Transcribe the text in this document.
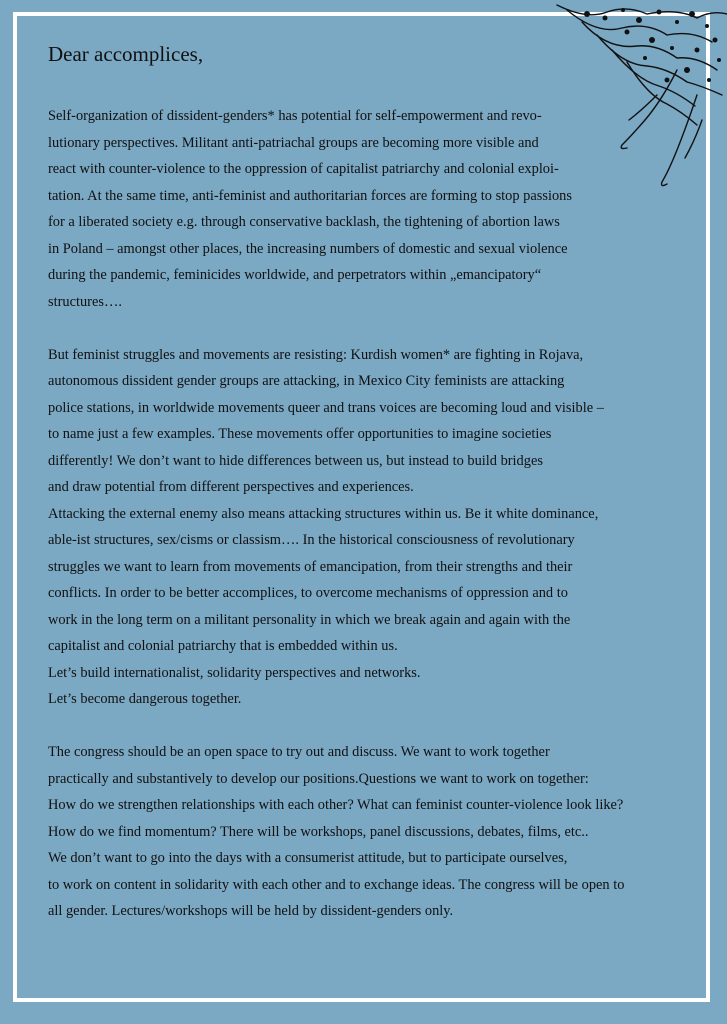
Dear accomplices,
Self-organization of dissident-genders* has potential for self-empowerment and revo-
lutionary perspectives. Militant anti-patriachal groups are becoming more visible and
react with counter-violence to the oppression of capitalist patriarchy and colonial exploi-
tation. At the same time, anti-feminist and authoritarian forces are forming to stop passions
for a liberated society e.g. through conservative backlash, the tightening of abortion laws
in Poland – amongst other places, the increasing numbers of domestic and sexual violence
during the pandemic, feminicides worldwide, and perpetrators within „emancipatory“
structures….
But feminist struggles and movements are resisting: Kurdish women* are fighting in Rojava,
autonomous dissident gender groups are attacking, in Mexico City feminists are attacking
police stations, in worldwide movements queer and trans voices are becoming loud and visible –
to name just a few examples. These movements offer opportunities to imagine societies
differently! We don’t want to hide differences between us, but instead to build bridges
and draw potential from different perspectives and experiences.
Attacking the external enemy also means attacking structures within us. Be it white dominance,
able-ist structures, sex/cisms or classism…. In the historical consciousness of revolutionary
struggles we want to learn from movements of emancipation, from their strengths and their
conflicts. In order to be better accomplices, to overcome mechanisms of oppression and to
work in the long term on a militant personality in which we break again and again with the
capitalist and colonial patriarchy that is embedded within us.
Let’s build internationalist, solidarity perspectives and networks.
Let’s become dangerous together.
The congress should be an open space to try out and discuss. We want to work together
practically and substantively to develop our positions.Questions we want to work on together:
How do we strengthen relationships with each other? What can feminist counter-violence look like?
How do we find momentum? There will be workshops, panel discussions, debates, films, etc..
We don’t want to go into the days with a consumerist attitude, but to participate ourselves,
to work on content in solidarity with each other and to exchange ideas. The congress will be open to
all gender. Lectures/workshops will be held by dissident-genders only.
